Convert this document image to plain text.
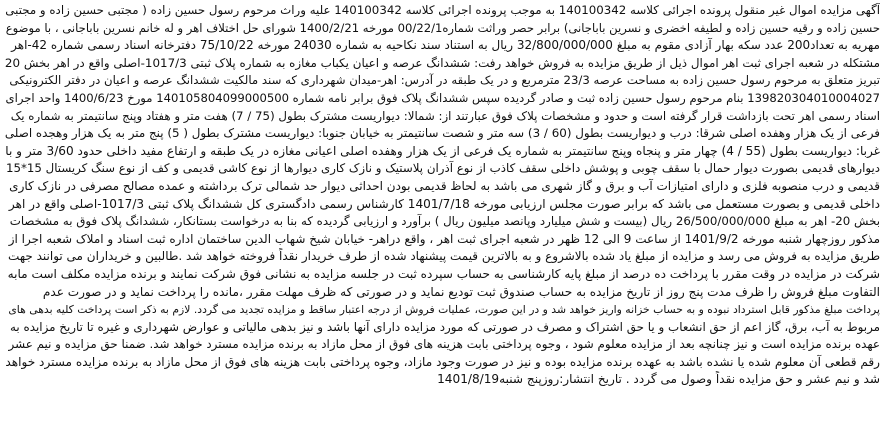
آگهی مزایده اموال غیر منقول پرونده اجرائی کلاسه 140100342 به موجب پرونده اجرائی کلاسه 140100342 علیه وراث مرحوم رسول حسین زاده ( مجتبی حسین زاده و مجتبی
حسین زاده و رقیه حسین زاده و لطیفه اخضری و نسرین باباجانی) برابر حصر وراثت شماره00/22/1 مورخه 1400/2/21 شورای حل اختلاف اهر و له خانم نسرین باباجانی ، با موضوع
مهریه به تعداد200 عدد سکه بهار آزادی مقوم به مبلغ 32/800/000/000 ریال به استناد سند نکاحیه به شماره 24030 مورخه 75/10/22 دفترخانه اسناد رسمی شماره 42-اهر
مشتکله در شعبه اجرای ثبت اهر اموال ذیل از طریق مزایده به فروش خواهد رفت: ششدانگ عرصه و اعیان یکباب مغازه به شماره پلاک ثبتی 1017/3-اصلی واقع در اهر بخش 20
تبریز متعلق به مرحوم رسول حسین زاده به مساحت عرصه 23/3 مترمربع و در یک طبقه در آدرس: اهر-میدان شهرداری که سند مالکیت ششدانگ عرصه و اعیان در دفتر الکترونیکی
139820304010004027 بنام مرحوم رسول حسین زاده ثبت و صادر گردیده سپس ششدانگ پلاک فوق برابر نامه شماره 140105804099000500 مورخ 1400/6/23 واحد اجرای
اسناد رسمی اهر تحت بازداشت قرار گرفته است و حدود و مشخصات پلاک فوق عبارتند از: شمالا: دیواریست مشترک بطول (75 / 7) هفت متر و هفتاد وپنج سانتیمتر به شماره یک
فرعی از یک هزار وهفده اصلی شرقا: درب و دیواریست بطول (60 / 3) سه متر و شصت سانتیمتر به خیابان جنوبا: دیواریست مشترک بطول ( 5) پنج متر به یک هزار وهجده اصلی
غربا: دیواریست بطول (55 / 4) چهار متر و پنجاه وپنج سانتیمتر به شماره یک فرعی از یک هزار وهفده اصلی اعیانی مغازه در یک طبقه و ارتفاع مفید داخلی حدود 3/60 متر و با
دیوارهای قدیمی بصورت دیوار حمال با سقف چوبی و پوشش داخلی سقف کاذب از نوع آذران پلاستیک و نازک کاری دیوارها از نوع کاشی قدیمی و کف از نوع سنگ کریستال 15*15
قدیمی و درب منصوبه فلزی و دارای امتیازات آب و برق و گاز شهری می باشد به لحاظ قدیمی بودن احداثی دیوار حد شمالی ترک برداشته و عمده مصالح مصرفی در نازک کاری
داخلی قدیمی و بصورت مستعمل می باشد که برابر صورت مجلس ارزیابی مورخه 1401/7/18 کارشناس رسمی دادگستری کل ششدانگ پلاک ثبتی 1017/3-اصلی واقع در اهر
بخش 20- اهر به مبلغ 26/500/000/000 ریال (بیست و شش میلیارد وپانصد میلیون ریال ) برآورد و ارزیابی گردیده که بنا به درخواست بستانکار، ششدانگ پلاک فوق به مشخصات
مذکور روزچهار شنبه مورخه 1401/9/2 از ساعت 9 الی 12 ظهر در شعبه اجرای ثبت اهر ، واقع دراهر- خیابان شیخ شهاب الدین ساختمان اداره ثبت اسناد و املاک شعبه اجرا از
طریق مزایده به فروش می رسد و مزایده از مبلغ یاد شده بالاشروع و به بالاترین قیمت پیشنهاد شده از طرف خریدار نقداً فروخته خواهد شد .طالبین و خریداران می توانند جهت
شرکت در مزایده در وقت مقرر با پرداخت ده درصد از مبلغ پایه کارشناسی به حساب سپرده ثبت در جلسه مزایده به نشانی فوق شرکت نمایند و برنده مزایده مکلف است مابه
التفاوت مبلغ فروش را ظرف مدت پنج روز از تاریخ مزایده به حساب صندوق ثبت تودیع نماید و در صورتی که ظرف مهلت مقرر ،مانده را پرداخت نماید و در صورت عدم
پرداخت مبلغ مذکور قابل استرداد نبوده و به حساب خزانه واریز خواهد شد و در این صورت، عملیات فروش از درجه اعتبار ساقط و مزایده تجدید می گردد. لازم به ذکر است پرداخت کلیه بدهی های
مربوط به آب، برق، گاز اعم از حق انشعاب و یا حق اشتراک و مصرف در صورتی که مورد مزایده دارای آنها باشد و نیز بدهی مالیاتی و عوارض شهرداری و غیره تا تاریخ مزایده به
عهده برنده مزایده است و نیز چنانچه بعد از مزایده معلوم شود ، وجوه پرداختی بابت هزینه های فوق از محل مازاد به برنده مزایده مسترد خواهد شد. ضمنا حق مزایده و نیم عشر
رقم قطعی آن معلوم شده یا نشده باشد به عهده برنده مزایده بوده و نیز در صورت وجود مازاد، وجوه پرداختی بابت هزینه های فوق از محل مازاد به برنده مزایده مسترد خواهد
شد و نیم عشر و حق مزایده نقداً وصول می گردد . تاریخ انتشار:روزپنج شنبه1401/8/19
